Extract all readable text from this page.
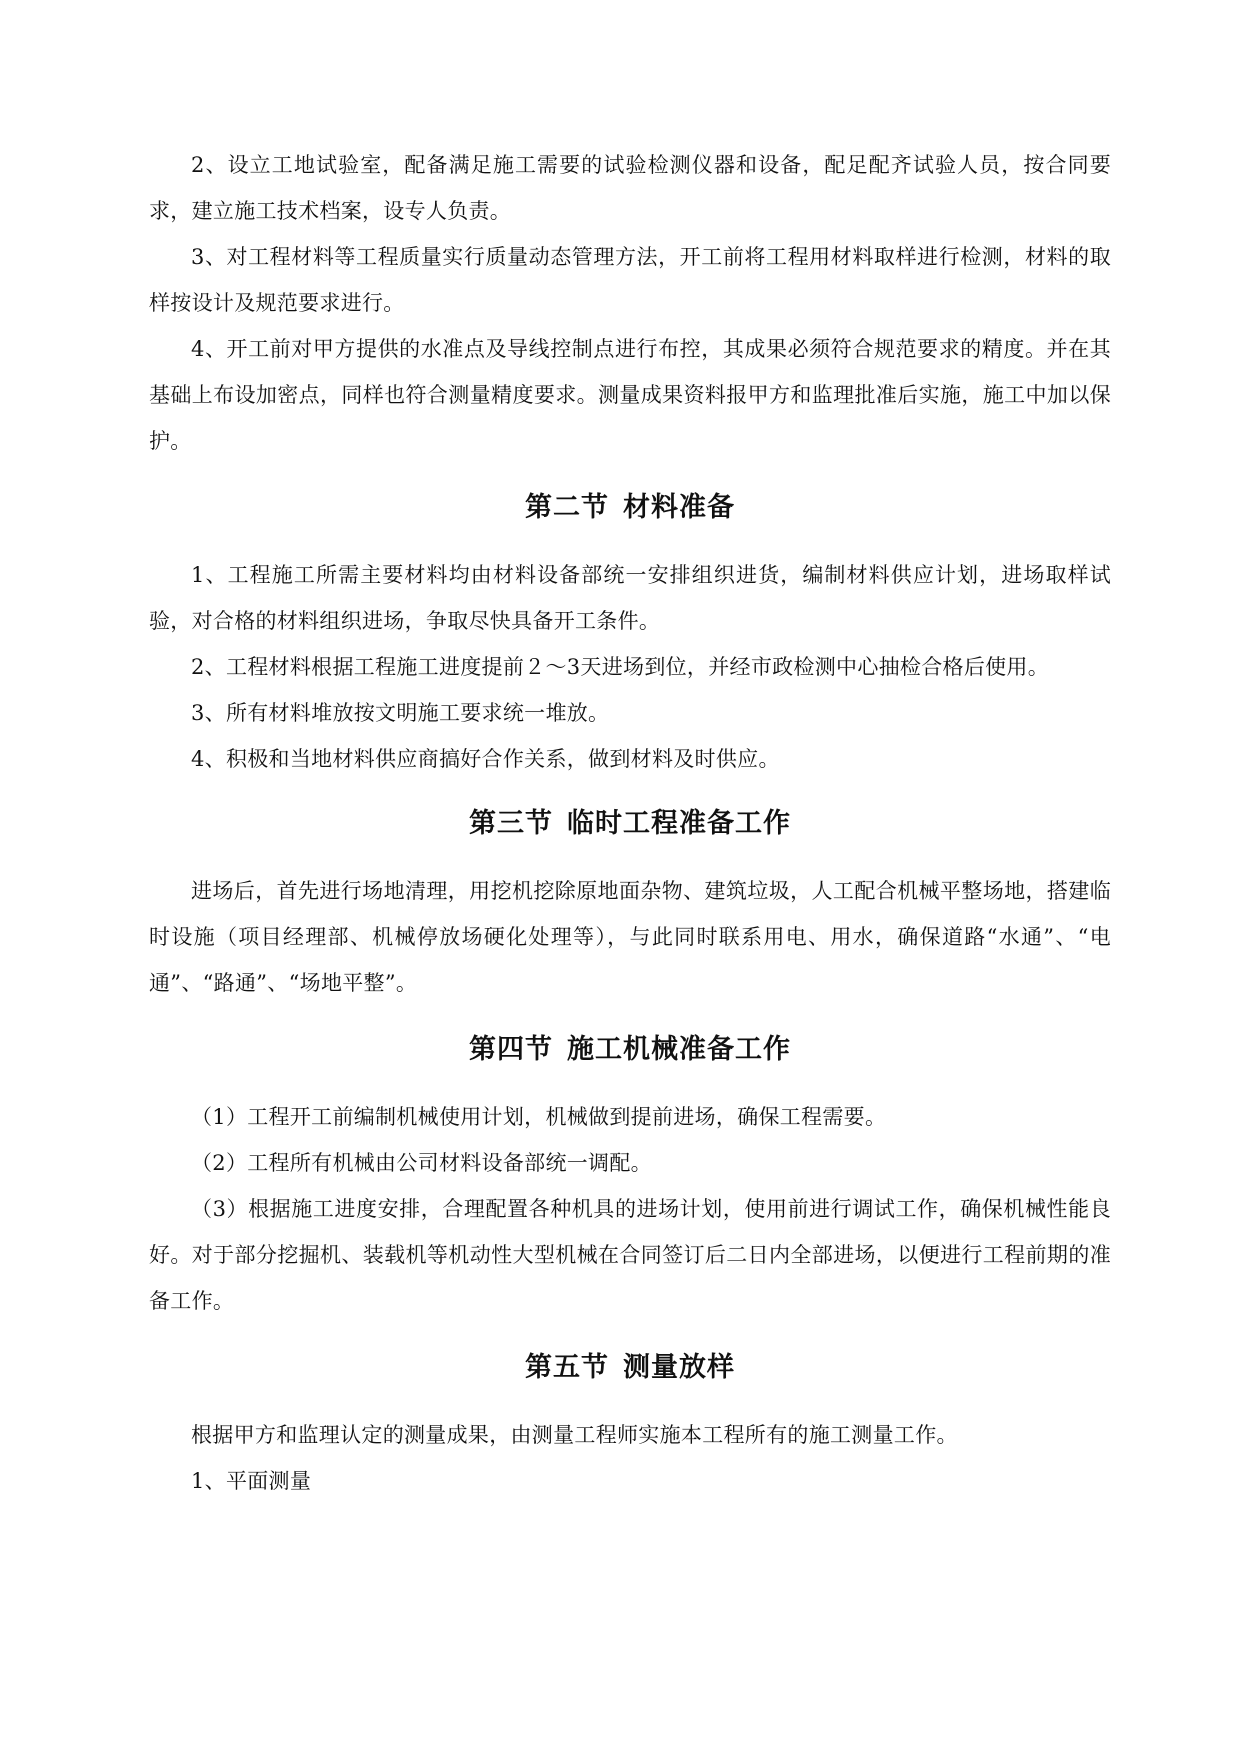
2、设立工地试验室，配备满足施工需要的试验检测仪器和设备，配足配齐试验人员，按合同要求，建立施工技术档案，设专人负责。

3、对工程材料等工程质量实行质量动态管理方法，开工前将工程用材料取样进行检测，材料的取样按设计及规范要求进行。

4、开工前对甲方提供的水准点及导线控制点进行布控，其成果必须符合规范要求的精度。并在其基础上布设加密点，同样也符合测量精度要求。测量成果资料报甲方和监理批准后实施，施工中加以保护。

第二节 材料准备

1、工程施工所需主要材料均由材料设备部统一安排组织进货，编制材料供应计划，进场取样试验，对合格的材料组织进场，争取尽快具备开工条件。

2、工程材料根据工程施工进度提前２～3天进场到位，并经市政检测中心抽检合格后使用。

3、所有材料堆放按文明施工要求统一堆放。

4、积极和当地材料供应商搞好合作关系，做到材料及时供应。

第三节 临时工程准备工作

进场后，首先进行场地清理，用挖机挖除原地面杂物、建筑垃圾，人工配合机械平整场地，搭建临时设施（项目经理部、机械停放场硬化处理等），与此同时联系用电、用水，确保道路“水通”、“电通”、“路通”、“场地平整”。

第四节 施工机械准备工作

（1）工程开工前编制机械使用计划，机械做到提前进场，确保工程需要。

（2）工程所有机械由公司材料设备部统一调配。

（3）根据施工进度安排，合理配置各种机具的进场计划，使用前进行调试工作，确保机械性能良好。对于部分挖掘机、装载机等机动性大型机械在合同签订后二日内全部进场，以便进行工程前期的准备工作。

第五节 测量放样

根据甲方和监理认定的测量成果，由测量工程师实施本工程所有的施工测量工作。

1、平面测量
